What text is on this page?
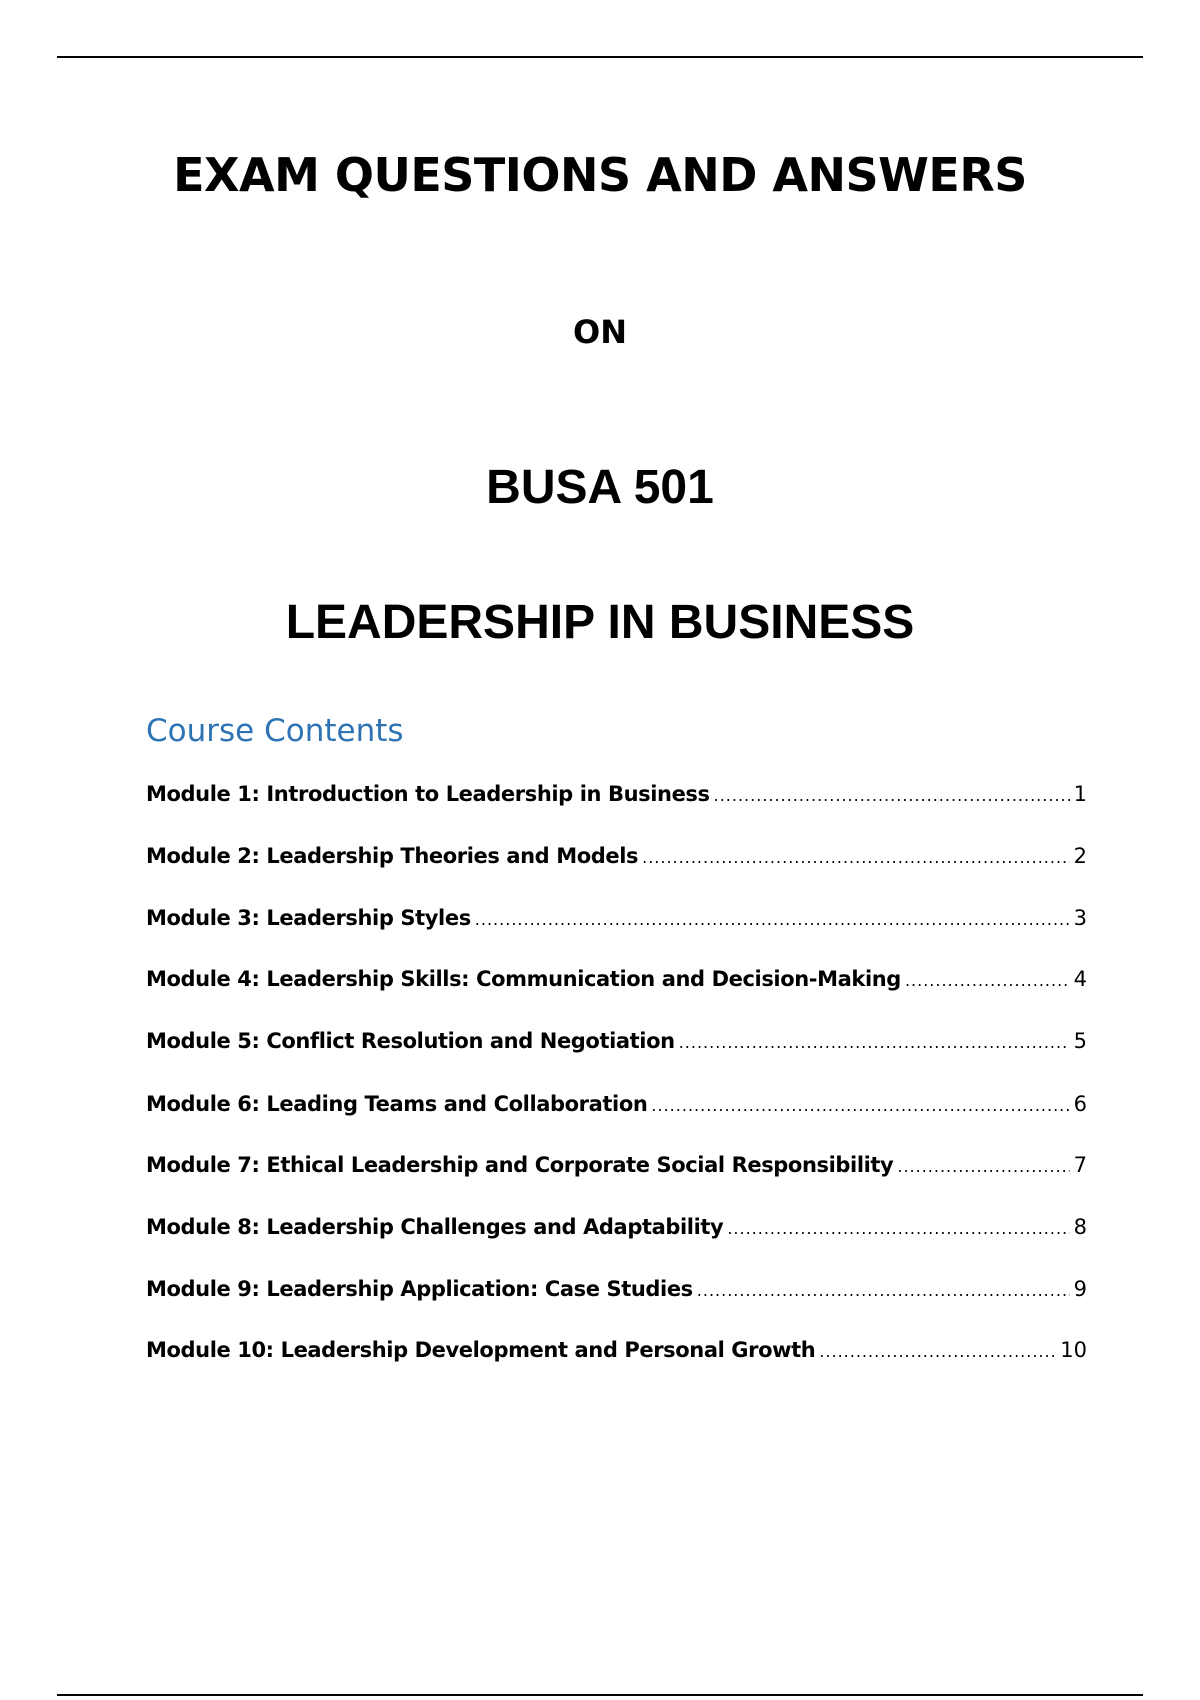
EXAM QUESTIONS AND ANSWERS
ON
BUSA 501
LEADERSHIP IN BUSINESS
Course Contents
Module 1: Introduction to Leadership in Business .....	1
Module 2: Leadership Theories and Models .....	2
Module 3: Leadership Styles .....	3
Module 4: Leadership Skills: Communication and Decision-Making .....	4
Module 5: Conflict Resolution and Negotiation .....	5
Module 6: Leading Teams and Collaboration .....	6
Module 7: Ethical Leadership and Corporate Social Responsibility .....	7
Module 8: Leadership Challenges and Adaptability .....	8
Module 9: Leadership Application: Case Studies .....	9
Module 10: Leadership Development and Personal Growth .....	10
